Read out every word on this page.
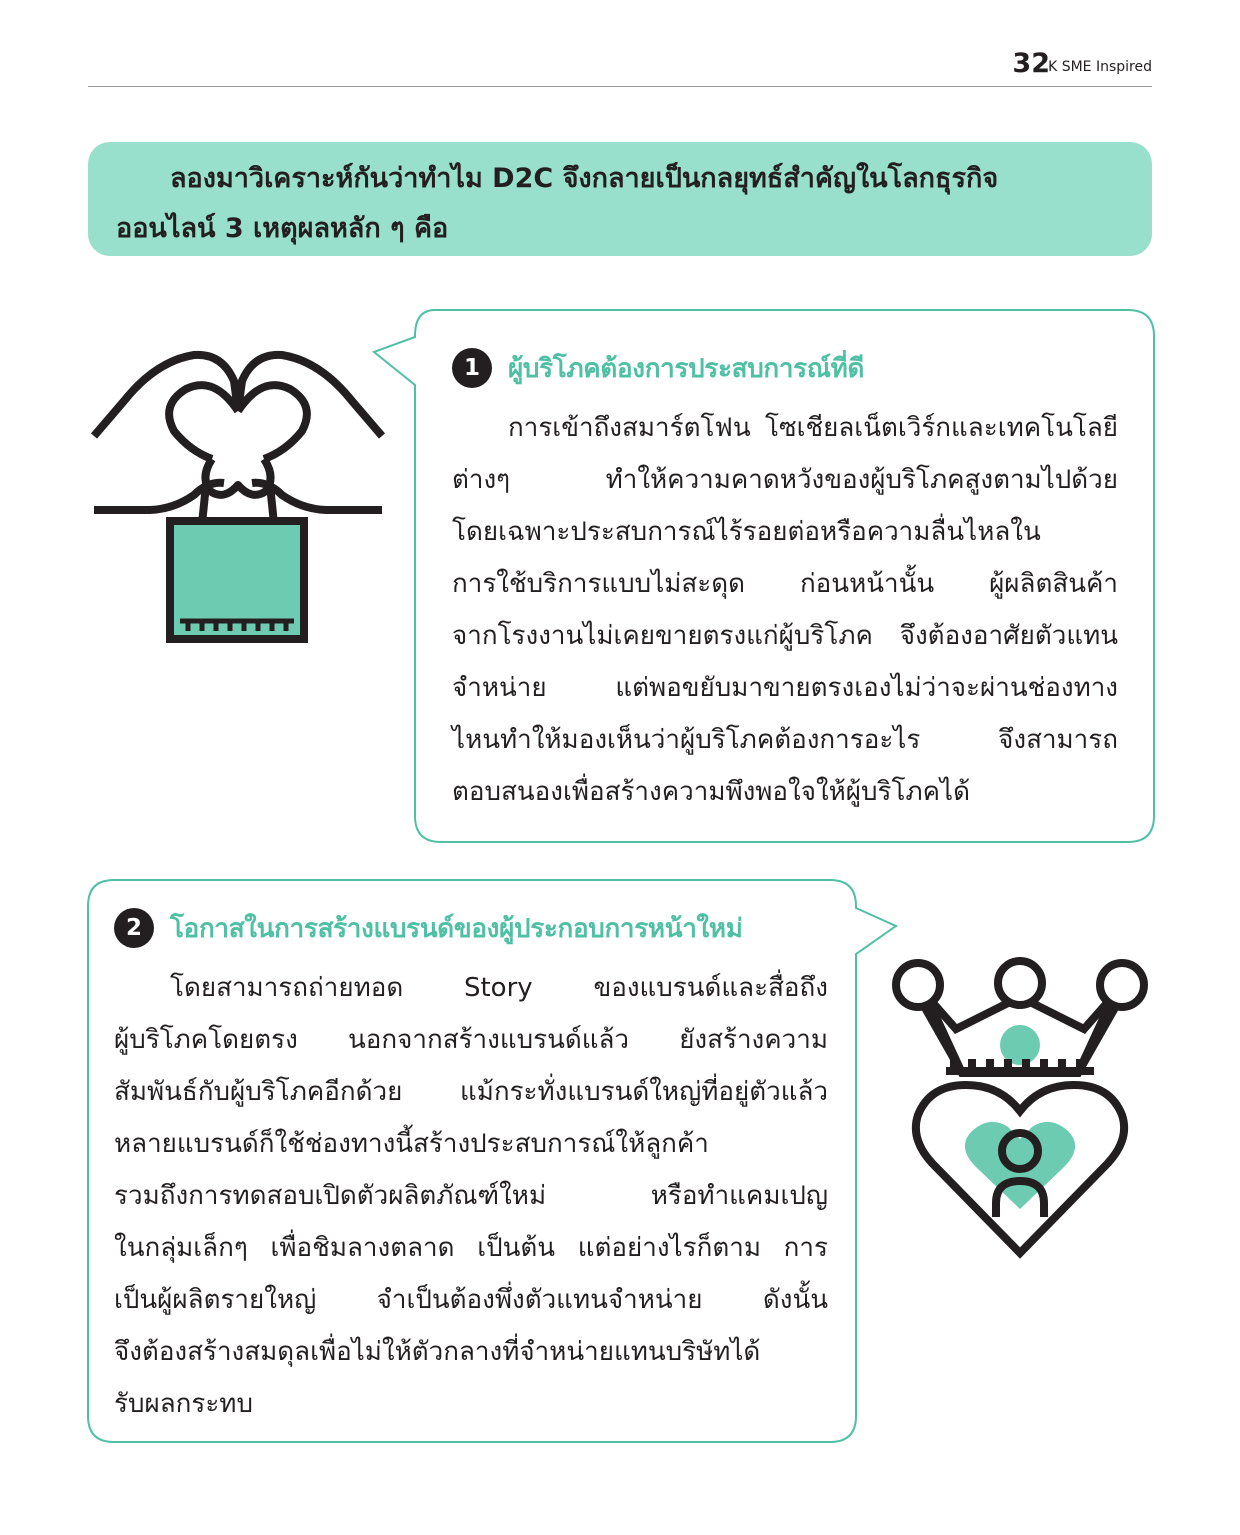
32
K SME Inspired
ลองมาวิเคราะห์กันว่าทำไม D2C จึงกลายเป็นกลยุทธ์สำคัญในโลกธุรกิจ
ออนไลน์ 3 เหตุผลหลัก ๆ คือ
1	ผู้บริโภคต้องการประสบการณ์ที่ดี
การเข้าถึงสมาร์ตโฟน โซเชียลเน็ตเวิร์กและเทคโนโลยี
ต่างๆ ทำให้ความคาดหวังของผู้บริโภคสูงตามไปด้วย
โดยเฉพาะประสบการณ์ไร้รอยต่อหรือความลื่นไหลใน
การใช้บริการแบบไม่สะดุด ก่อนหน้านั้น ผู้ผลิตสินค้า
จากโรงงานไม่เคยขายตรงแก่ผู้บริโภค จึงต้องอาศัยตัวแทน
จำหน่าย แต่พอขยับมาขายตรงเองไม่ว่าจะผ่านช่องทาง
ไหนทำให้มองเห็นว่าผู้บริโภคต้องการอะไร จึงสามารถ
ตอบสนองเพื่อสร้างความพึงพอใจให้ผู้บริโภคได้
2	โอกาสในการสร้างแบรนด์ของผู้ประกอบการหน้าใหม่
โดยสามารถถ่ายทอด Story ของแบรนด์และสื่อถึง
ผู้บริโภคโดยตรง นอกจากสร้างแบรนด์แล้ว ยังสร้างความ
สัมพันธ์กับผู้บริโภคอีกด้วย แม้กระทั่งแบรนด์ใหญ่ที่อยู่ตัวแล้ว
หลายแบรนด์ก็ใช้ช่องทางนี้สร้างประสบการณ์ให้ลูกค้า
รวมถึงการทดสอบเปิดตัวผลิตภัณฑ์ใหม่ หรือทำแคมเปญ
ในกลุ่มเล็กๆ เพื่อชิมลางตลาด เป็นต้น แต่อย่างไรก็ตาม การ
เป็นผู้ผลิตรายใหญ่ จำเป็นต้องพึ่งตัวแทนจำหน่าย ดังนั้น
จึงต้องสร้างสมดุลเพื่อไม่ให้ตัวกลางที่จำหน่ายแทนบริษัทได้
รับผลกระทบ
